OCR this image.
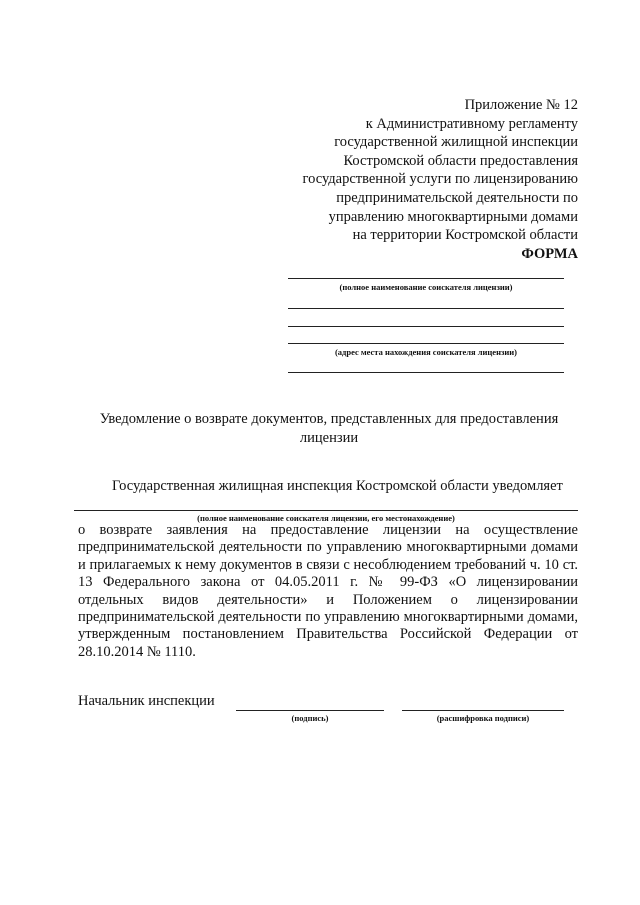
Приложение № 12
к Административному регламенту
государственной жилищной инспекции
Костромской области предоставления
государственной услуги по лицензированию
предпринимательской деятельности по
управлению многоквартирными домами
на территории Костромской области
ФОРМА
(полное наименование соискателя лицензии)
(адрес места нахождения соискателя лицензии)
Уведомление о возврате документов, представленных для предоставления лицензии
Государственная жилищная инспекция Костромской области уведомляет
(полное наименование соискателя лицензии, его местонахождение)

о возврате заявления на предоставление лицензии на осуществление предпринимательской деятельности по управлению многоквартирными домами и прилагаемых к нему документов в связи с несоблюдением требований ч. 10 ст. 13 Федерального закона от 04.05.2011 г. № 99-ФЗ «О лицензировании отдельных видов деятельности» и Положением о лицензировании предпринимательской деятельности по управлению многоквартирными домами, утвержденным постановлением Правительства Российской Федерации от 28.10.2014 № 1110.

Начальник инспекции
(подпись)	(расшифровка подписи)
